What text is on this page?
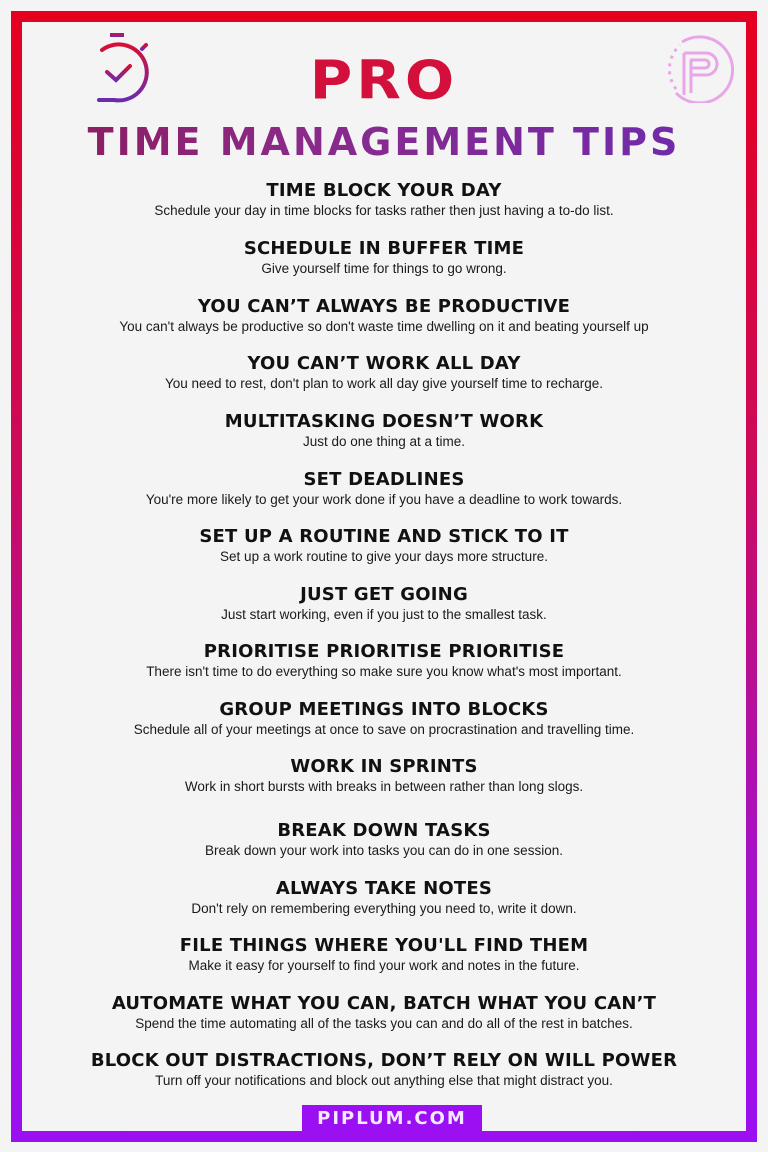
PRO
TIME MANAGEMENT TIPS
TIME BLOCK YOUR DAY
Schedule your day in time blocks for tasks rather then just having a to-do list.
SCHEDULE IN BUFFER TIME
Give yourself time for things to go wrong.
YOU CAN’T ALWAYS BE PRODUCTIVE
You can't always be productive so don't waste time dwelling on it and beating yourself up
YOU CAN’T WORK ALL DAY
You need to rest, don't plan to work all day give yourself time to recharge.
MULTITASKING DOESN’T WORK
Just do one thing at a time.
SET DEADLINES
You're more likely to get your work done if you have a deadline to work towards.
SET UP A ROUTINE AND STICK TO IT
Set up a work routine to give your days more structure.
JUST GET GOING
Just start working, even if you just to the smallest task.
PRIORITISE PRIORITISE PRIORITISE
There isn't time to do everything so make sure you know what's most important.
GROUP MEETINGS INTO BLOCKS
Schedule all of your meetings at once to save on procrastination and travelling time.
WORK IN SPRINTS
Work in short bursts with breaks in between rather than long slogs.
BREAK DOWN TASKS
Break down your work into tasks you can do in one session.
ALWAYS TAKE NOTES
Don't rely on remembering everything you need to, write it down.
FILE THINGS WHERE YOU'LL FIND THEM
Make it easy for yourself to find your work and notes in the future.
AUTOMATE WHAT YOU CAN, BATCH WHAT YOU CAN’T
Spend the time automating all of the tasks you can and do all of the rest in batches.
BLOCK OUT DISTRACTIONS, DON’T RELY ON WILL POWER
Turn off your notifications and block out anything else that might distract you.
PIPLUM.COM
